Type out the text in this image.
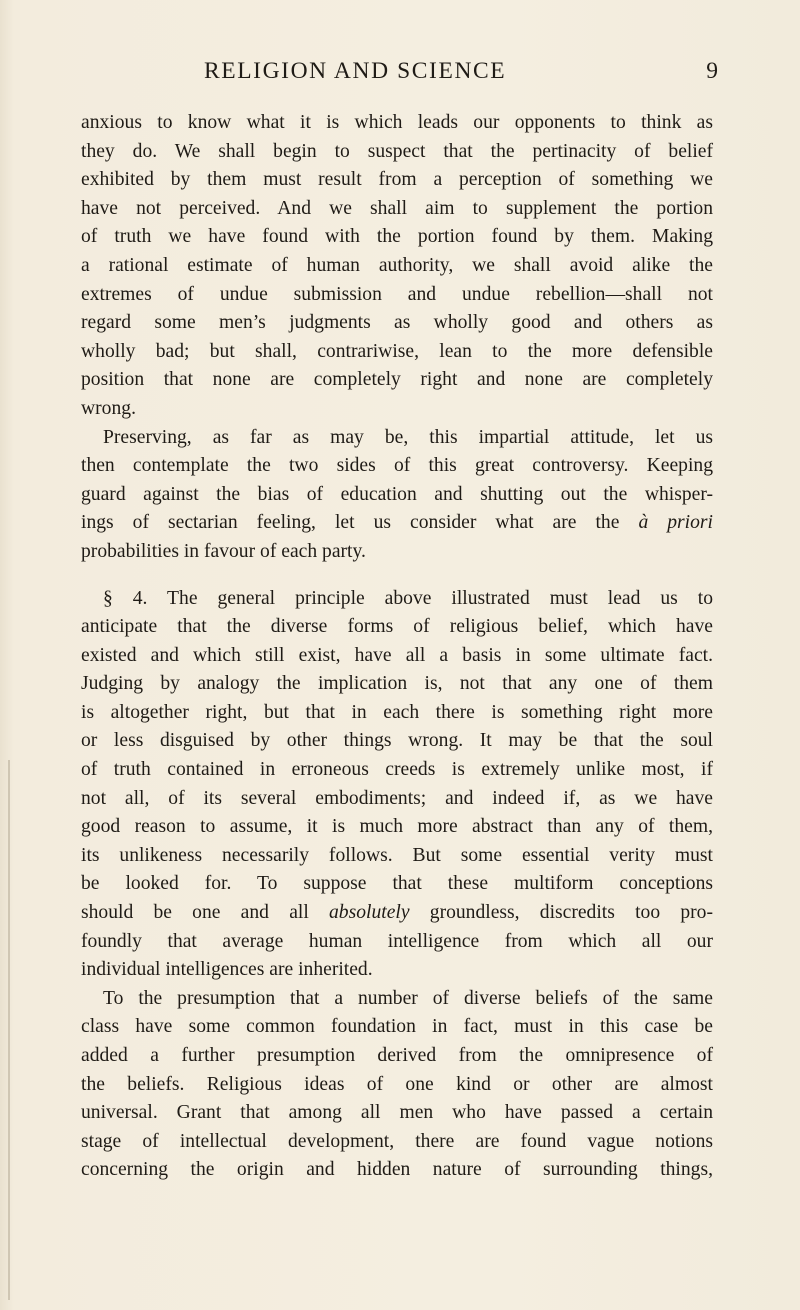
RELIGION AND SCIENCE	9
anxious to know what it is which leads our opponents to think as
they do. We shall begin to suspect that the pertinacity of belief
exhibited by them must result from a perception of something we
have not perceived. And we shall aim to supplement the portion
of truth we have found with the portion found by them. Making
a rational estimate of human authority, we shall avoid alike the
extremes of undue submission and undue rebellion—shall not
regard some men’s judgments as wholly good and others as
wholly bad; but shall, contrariwise, lean to the more defensible
position that none are completely right and none are completely
wrong.
Preserving, as far as may be, this impartial attitude, let us
then contemplate the two sides of this great controversy. Keeping
guard against the bias of education and shutting out the whisper-
ings of sectarian feeling, let us consider what are the à priori
probabilities in favour of each party.
§ 4. The general principle above illustrated must lead us to
anticipate that the diverse forms of religious belief, which have
existed and which still exist, have all a basis in some ultimate fact.
Judging by analogy the implication is, not that any one of them
is altogether right, but that in each there is something right more
or less disguised by other things wrong. It may be that the soul
of truth contained in erroneous creeds is extremely unlike most, if
not all, of its several embodiments; and indeed if, as we have
good reason to assume, it is much more abstract than any of them,
its unlikeness necessarily follows. But some essential verity must
be looked for. To suppose that these multiform conceptions
should be one and all absolutely groundless, discredits too pro-
foundly that average human intelligence from which all our
individual intelligences are inherited.
To the presumption that a number of diverse beliefs of the same
class have some common foundation in fact, must in this case be
added a further presumption derived from the omnipresence of
the beliefs. Religious ideas of one kind or other are almost
universal. Grant that among all men who have passed a certain
stage of intellectual development, there are found vague notions
concerning the origin and hidden nature of surrounding things,
